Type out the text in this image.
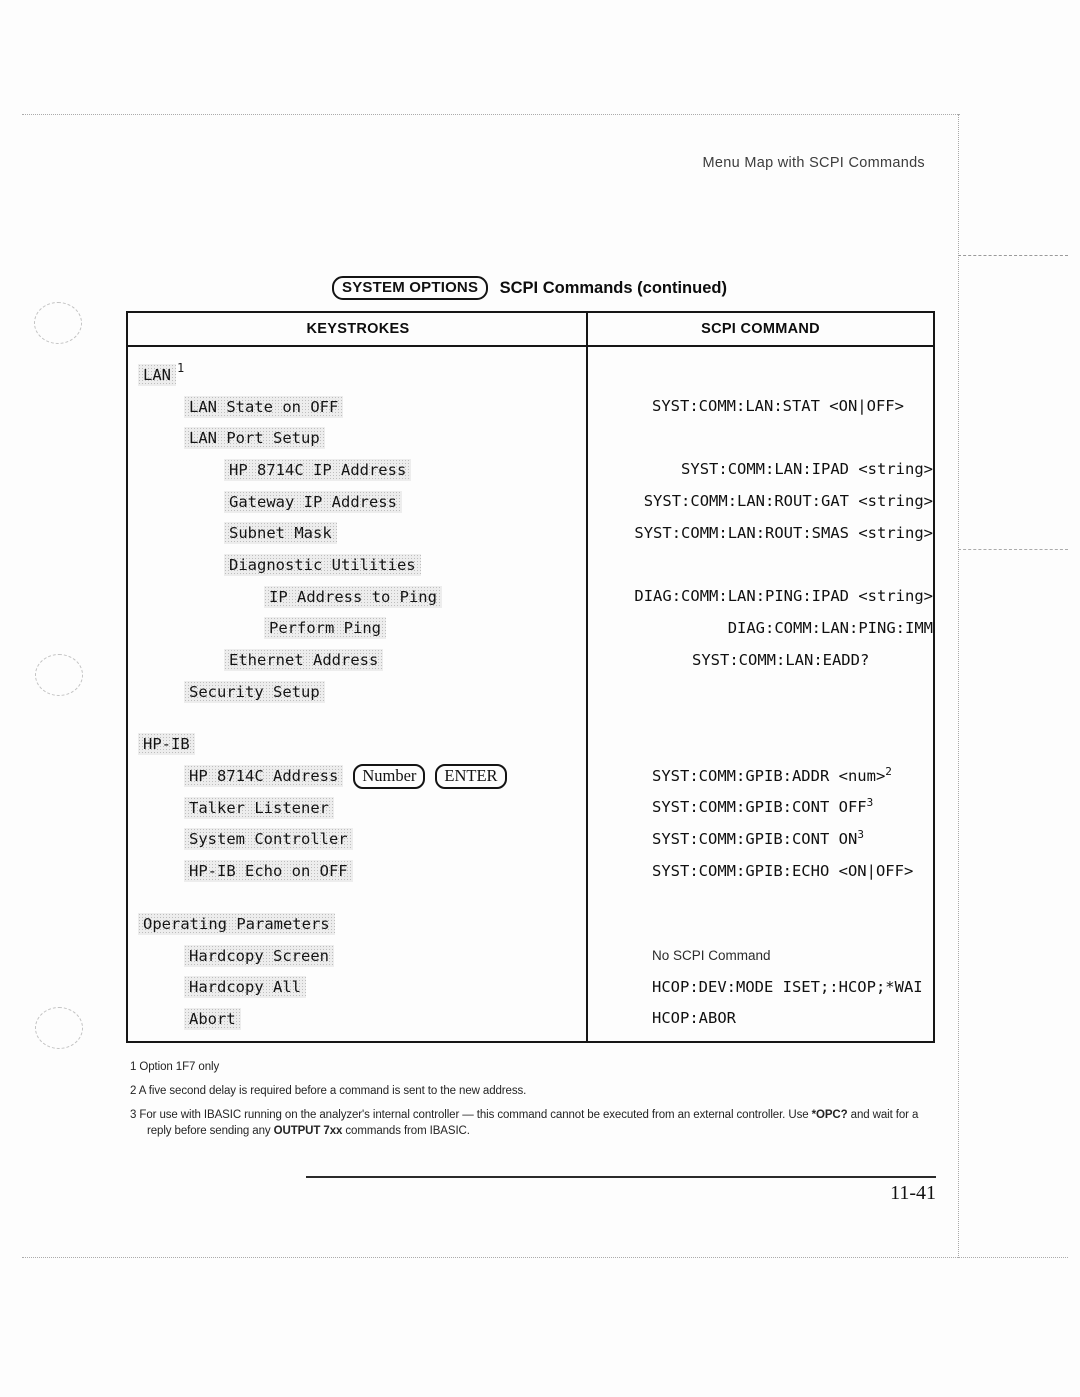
Menu Map with SCPI Commands
SYSTEM OPTIONS SCPI Commands (continued)
KEYSTROKES	SCPI COMMAND
LAN 1
LAN State on OFF	SYST:COMM:LAN:STAT <ON|OFF>
LAN Port Setup
HP 8714C IP Address	SYST:COMM:LAN:IPAD <string>
Gateway IP Address	SYST:COMM:LAN:ROUT:GAT <string>
Subnet Mask	SYST:COMM:LAN:ROUT:SMAS <string>
Diagnostic Utilities
IP Address to Ping	DIAG:COMM:LAN:PING:IPAD <string>
Perform Ping	DIAG:COMM:LAN:PING:IMM
Ethernet Address	SYST:COMM:LAN:EADD?
Security Setup
HP-IB
HP 8714C Address	Number	ENTER	SYST:COMM:GPIB:ADDR <num>$^2$
Talker Listener	SYST:COMM:GPIB:CONT OFF$^3$
System Controller	SYST:COMM:GPIB:CONT $ON^3$
HP-IB Echo on OFF	SYST:COMM:GPIB:ECHO <ON|OFF>
Operating Parameters
Hardcopy Screen	No SCPI Command
Hardcopy All	HCOP:DEV:MODE ISET;:HCOP;*WAI
Abort	HCOP:ABOR
1 Option 1F7 only
2 A five second delay is required before a command is sent to the new address.
3 For use with IBASIC running on the analyzer's internal controller — this command cannot be executed from an external controller. Use *OPC? and wait for a reply before sending any OUTPUT 7xx commands from IBASIC.
11-41
